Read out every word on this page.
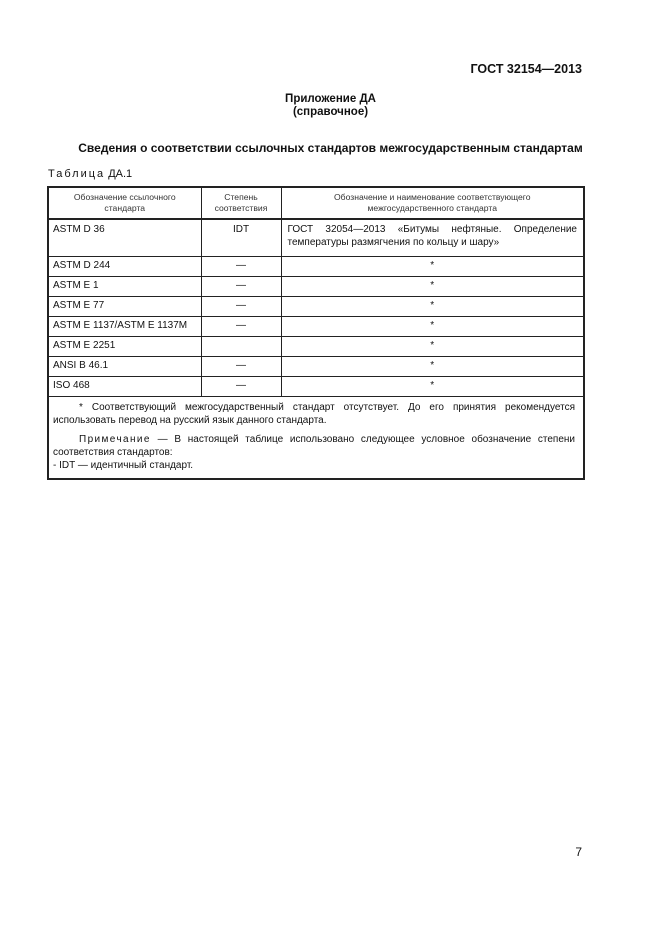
ГОСТ 32154—2013
Приложение ДА
(справочное)
Сведения о соответствии ссылочных стандартов межгосударственным стандартам
Таблица ДА.1
Обозначение ссылочного стандарта	Степень соответствия	Обозначение и наименование соответствующего межгосударственного стандарта
ASTM D 36	IDT	ГОСТ 32054—2013 «Битумы нефтяные. Определение температуры размягчения по кольцу и шару»
ASTM D 244	—	*
ASTM E 1	—	*
ASTM E 77	—	*
ASTM E 1137/ASTM E 1137M	—	*
ASTM E 2251		*
ANSI B 46.1	—	*
ISO 468	—	*

* Соответствующий межгосударственный стандарт отсутствует. До его принятия рекомендуется использовать перевод на русский язык данного стандарта.

Примечание — В настоящей таблице использовано следующее условное обозначение степени соответствия стандартов:

- IDT — идентичный стандарт.		

7
